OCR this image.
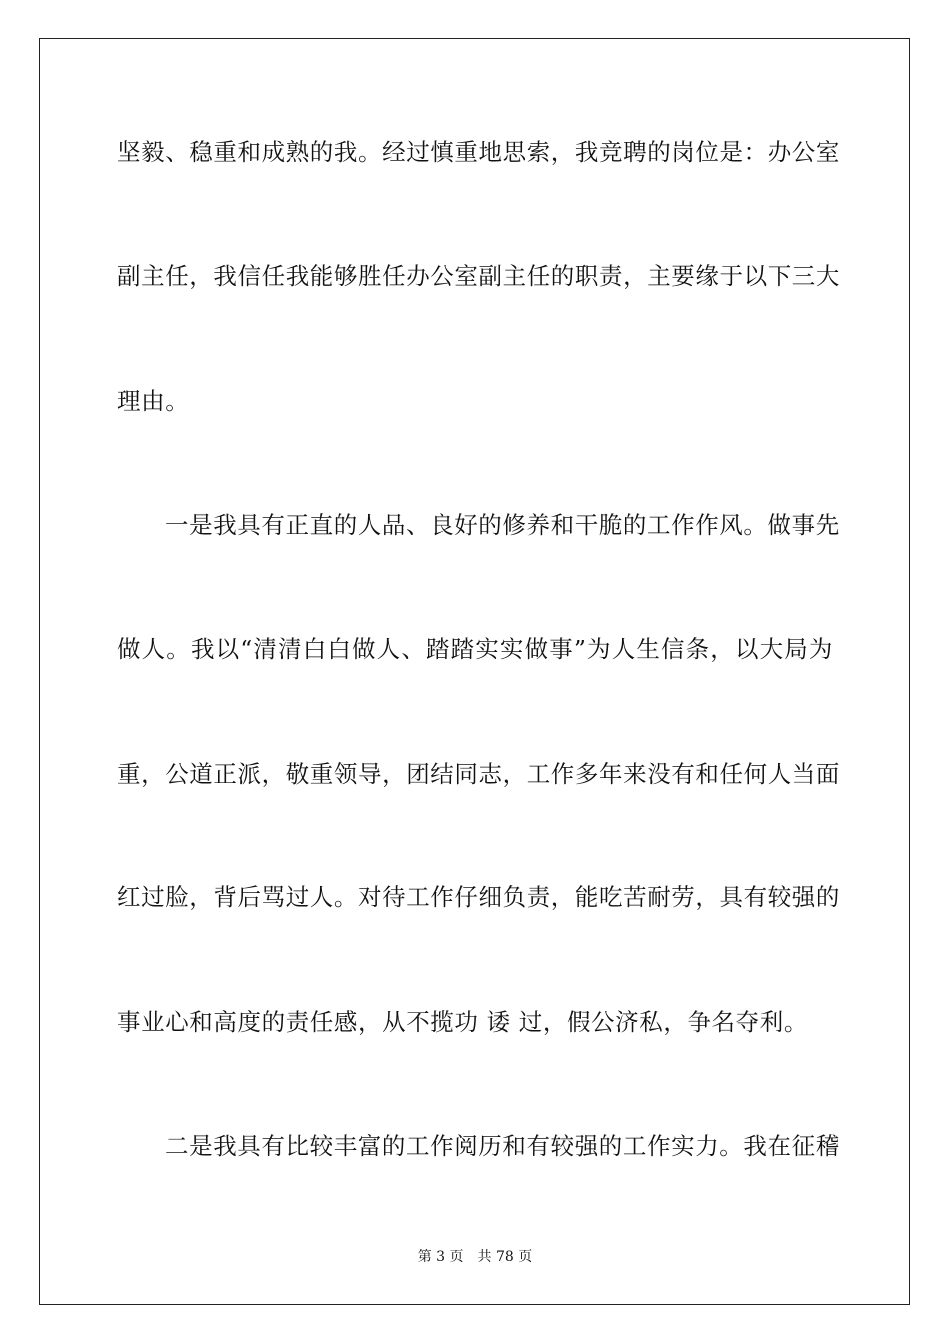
坚毅、稳重和成熟的我。经过慎重地思索，我竞聘的岗位是：办公室
副主任，我信任我能够胜任办公室副主任的职责，主要缘于以下三大
理由。
一是我具有正直的人品、良好的修养和干脆的工作作风。做事先
做人。我以“清清白白做人、踏踏实实做事”为人生信条，以大局为
重，公道正派，敬重领导，团结同志，工作多年来没有和任何人当面
红过脸，背后骂过人。对待工作仔细负责，能吃苦耐劳，具有较强的
事业心和高度的责任感，从不揽功 诿 过，假公济私，争名夺利。
二是我具有比较丰富的工作阅历和有较强的工作实力。我在征稽
第 3 页　共 78 页
